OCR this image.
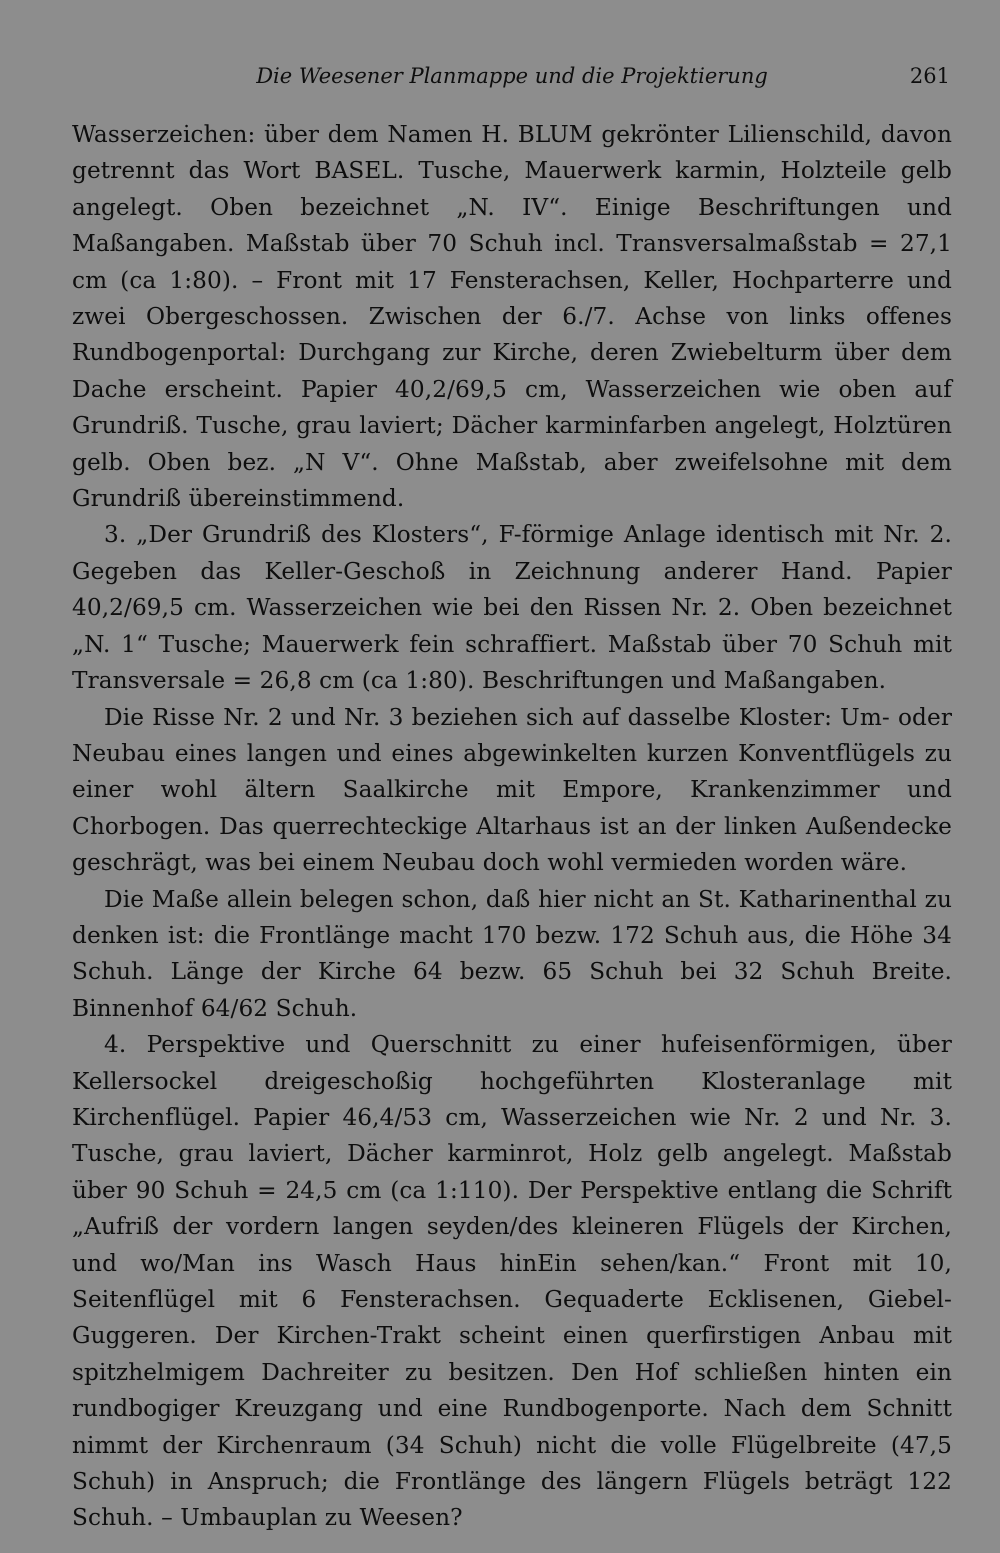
Die Weesener Planmappe und die Projektierung	261

Wasserzeichen: über dem Namen H. BLUM gekrönter Lilienschild, davon getrennt das Wort BASEL. Tusche, Mauerwerk karmin, Holzteile gelb angelegt. Oben bezeichnet „N. IV“. Einige Beschriftungen und Maßangaben. Maßstab über 70 Schuh incl. Transversalmaßstab = 27,1 cm (ca 1:80). – Front mit 17 Fensterachsen, Keller, Hochparterre und zwei Obergeschossen. Zwischen der 6./7. Achse von links offenes Rundbogenportal: Durchgang zur Kirche, deren Zwiebelturm über dem Dache erscheint. Papier 40,2/69,5 cm, Wasserzeichen wie oben auf Grundriß. Tusche, grau laviert; Dächer karminfarben angelegt, Holztüren gelb. Oben bez. „N V“. Ohne Maßstab, aber zweifelsohne mit dem Grundriß übereinstimmend.

3. „Der Grundriß des Klosters“, F-förmige Anlage identisch mit Nr. 2. Gegeben das Keller-Geschoß in Zeichnung anderer Hand. Papier 40,2/69,5 cm. Wasserzeichen wie bei den Rissen Nr. 2. Oben bezeichnet „N. 1“ Tusche; Mauerwerk fein schraffiert. Maßstab über 70 Schuh mit Transversale = 26,8 cm (ca 1:80). Beschriftungen und Maßangaben.

Die Risse Nr. 2 und Nr. 3 beziehen sich auf dasselbe Kloster: Um- oder Neubau eines langen und eines abgewinkelten kurzen Konventflügels zu einer wohl ältern Saalkirche mit Empore, Krankenzimmer und Chorbogen. Das querrechteckige Altarhaus ist an der linken Außendecke geschrägt, was bei einem Neubau doch wohl vermieden worden wäre.

Die Maße allein belegen schon, daß hier nicht an St. Katharinenthal zu denken ist: die Frontlänge macht 170 bezw. 172 Schuh aus, die Höhe 34 Schuh. Länge der Kirche 64 bezw. 65 Schuh bei 32 Schuh Breite. Binnenhof 64/62 Schuh.

4. Perspektive und Querschnitt zu einer hufeisenförmigen, über Kellersockel dreigeschoßig hochgeführten Klosteranlage mit Kirchenflügel. Papier 46,4/53 cm, Wasserzeichen wie Nr. 2 und Nr. 3. Tusche, grau laviert, Dächer karminrot, Holz gelb angelegt. Maßstab über 90 Schuh = 24,5 cm (ca 1:110). Der Perspektive entlang die Schrift „Aufriß der vordern langen seyden/des kleineren Flügels der Kirchen, und wo/Man ins Wasch Haus hinEin sehen/kan.“ Front mit 10, Seitenflügel mit 6 Fensterachsen. Gequaderte Ecklisenen, Giebel-Guggeren. Der Kirchen-Trakt scheint einen querfirstigen Anbau mit spitzhelmigem Dachreiter zu besitzen. Den Hof schließen hinten ein rundbogiger Kreuzgang und eine Rundbogenporte. Nach dem Schnitt nimmt der Kirchenraum (34 Schuh) nicht die volle Flügelbreite (47,5 Schuh) in Anspruch; die Frontlänge des längern Flügels beträgt 122 Schuh. – Umbauplan zu Weesen?
